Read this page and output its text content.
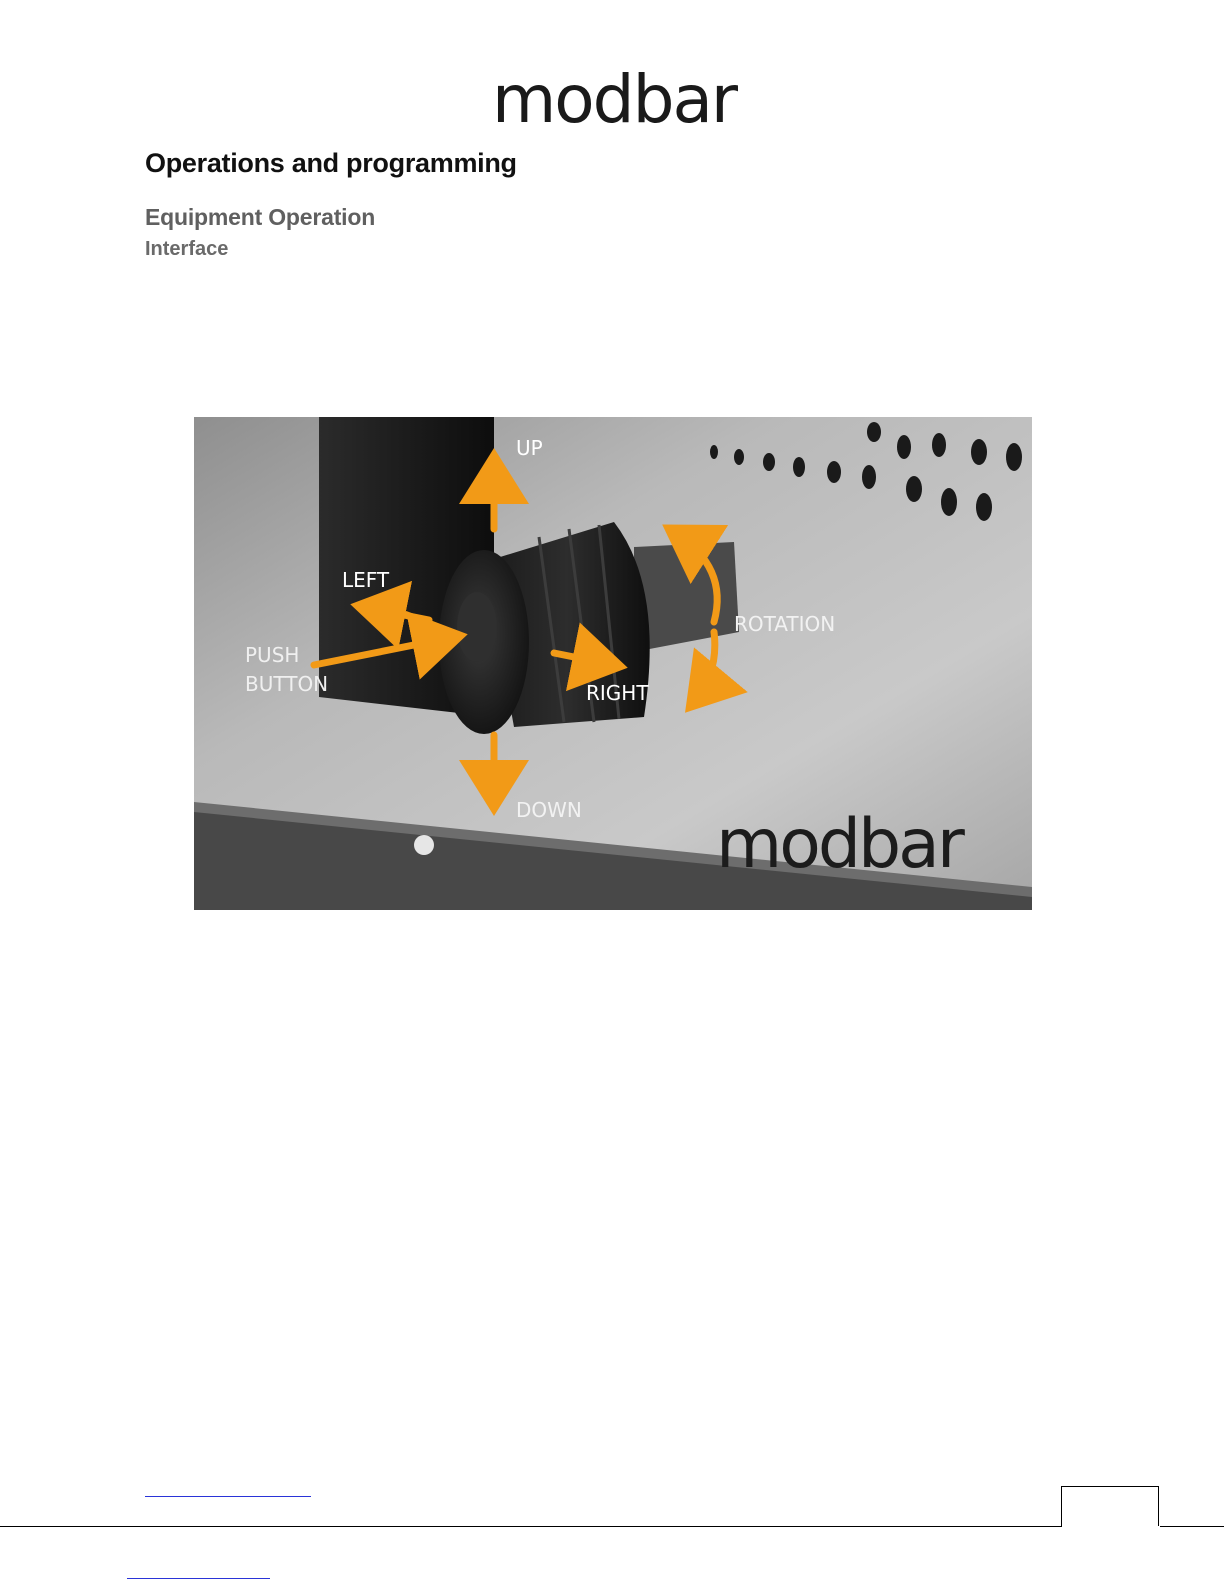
modbar
Operations and programming
Equipment Operation
Interface
modbar
UP
DOWN
LEFT
RIGHT
ROTATION
PUSH
BUTTON
